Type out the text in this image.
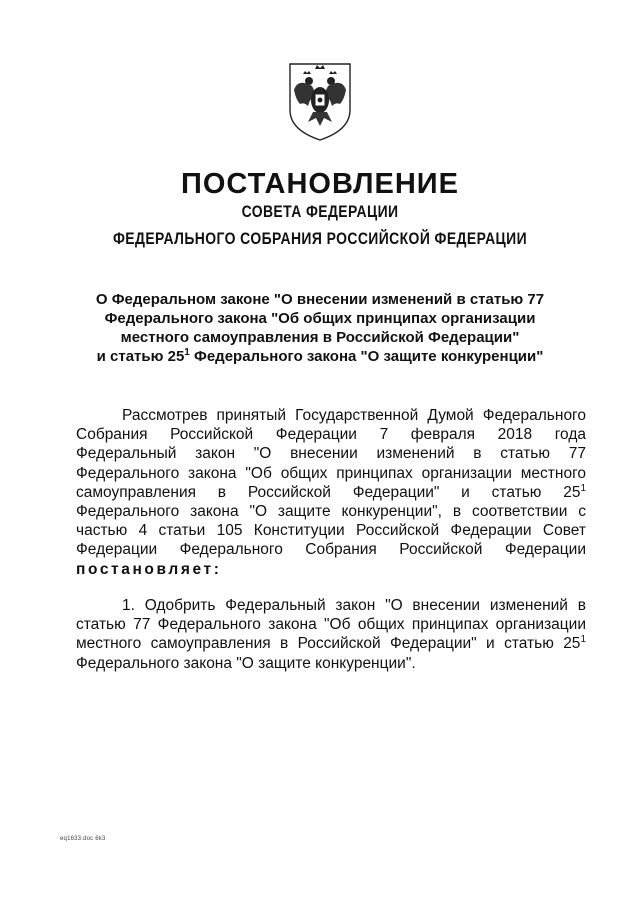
ПОСТАНОВЛЕНИЕ
СОВЕТА ФЕДЕРАЦИИ
ФЕДЕРАЛЬНОГО СОБРАНИЯ РОССИЙСКОЙ ФЕДЕРАЦИИ
О Федеральном законе "О внесении изменений в статью 77
Федерального закона "Об общих принципах организации
местного самоуправления в Российской Федерации"
и статью $25^1$ Федерального закона "О защите конкуренции"
Рассмотрев принятый Государственной Думой Федерального
Собрания Российской Федерации 7 февраля 2018 года
Федеральный закон "О внесении изменений в статью 77
Федерального закона "Об общих принципах организации местного
самоуправления в Российской Федерации" и статью $25^1$
Федерального закона "О защите конкуренции", в соответствии с
частью 4 статьи 105 Конституции Российской Федерации Совет
Федерации Федерального Собрания Российской Федерации
постановляет:
1. Одобрить Федеральный закон "О внесении изменений в
статью 77 Федерального закона "Об общих принципах организации
местного самоуправления в Российской Федерации" и статью $25^1$
Федерального закона "О защите конкуренции".
eq1633.doc 6k3
